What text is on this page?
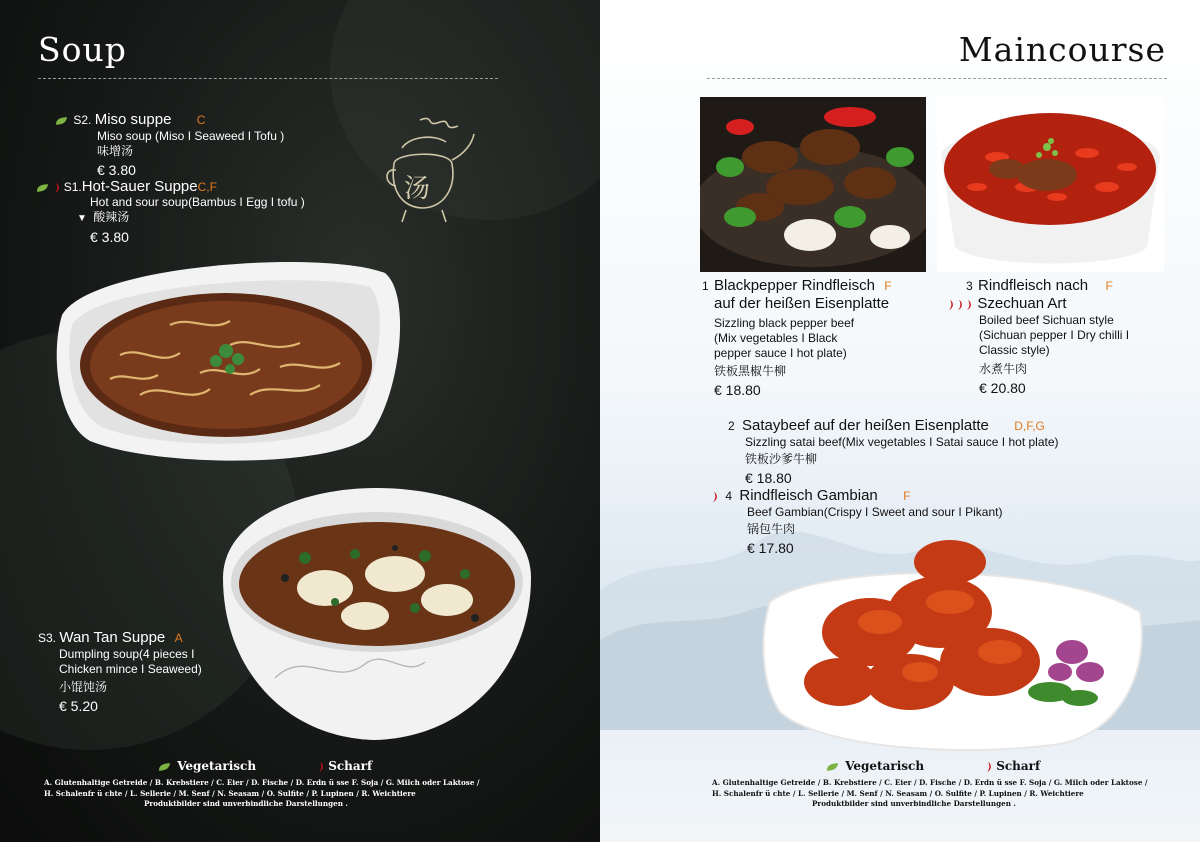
Soup
S2. Miso suppe C
Miso soup (Miso I Seaweed I Tofu )
味增汤
€ 3.80
S1.Hot-Sauer SuppeC,F
Hot and sour soup(Bambus I Egg I tofu )
▼ 酸辣汤
€ 3.80
汤
S3. Wan Tan Suppe A
Dumpling soup(4 pieces I
Chicken mince I Seaweed)
小馄饨汤
€ 5.20
Vegetarisch	Scharf
A. Glutenhaltige Getreide / B. Krebstiere / C. Eier / D. Fische / D. Erdn ü sse F. Soja / G. Milch oder Laktose /
H. Schalenfr ü chte / L. Sellerie / M. Senf / N. Seasam / O. Sulfite / P. Lupinen / R. Weichtiere
Produktbilder sind unverbindliche Darstellungen .
Maincourse
1 Blackpepper Rindfleisch F
auf der heißen Eisenplatte
Sizzling black pepper beef
(Mix vegetables I Black
pepper sauce I hot plate)
铁板黑椒牛柳
€ 18.80
3 Rindfleisch nach F
Szechuan Art
Boiled beef Sichuan style
(Sichuan pepper I Dry chilli I
Classic style)
水煮牛肉
€ 20.80
2 Sataybeef auf der heißen Eisenplatte D,F,G
Sizzling satai beef(Mix vegetables I Satai sauce I hot plate)
铁板沙爹牛柳
€ 18.80
4 Rindfleisch Gambian F
Beef Gambian(Crispy I Sweet and sour I Pikant)
锅包牛肉
€ 17.80
Vegetarisch	Scharf
A. Glutenhaltige Getreide / B. Krebstiere / C. Eier / D. Fische / D. Erdn ü sse F. Soja / G. Milch oder Laktose /
H. Schalenfr ü chte / L. Sellerie / M. Senf / N. Seasam / O. Sulfite / P. Lupinen / R. Weichtiere
Produktbilder sind unverbindliche Darstellungen .
